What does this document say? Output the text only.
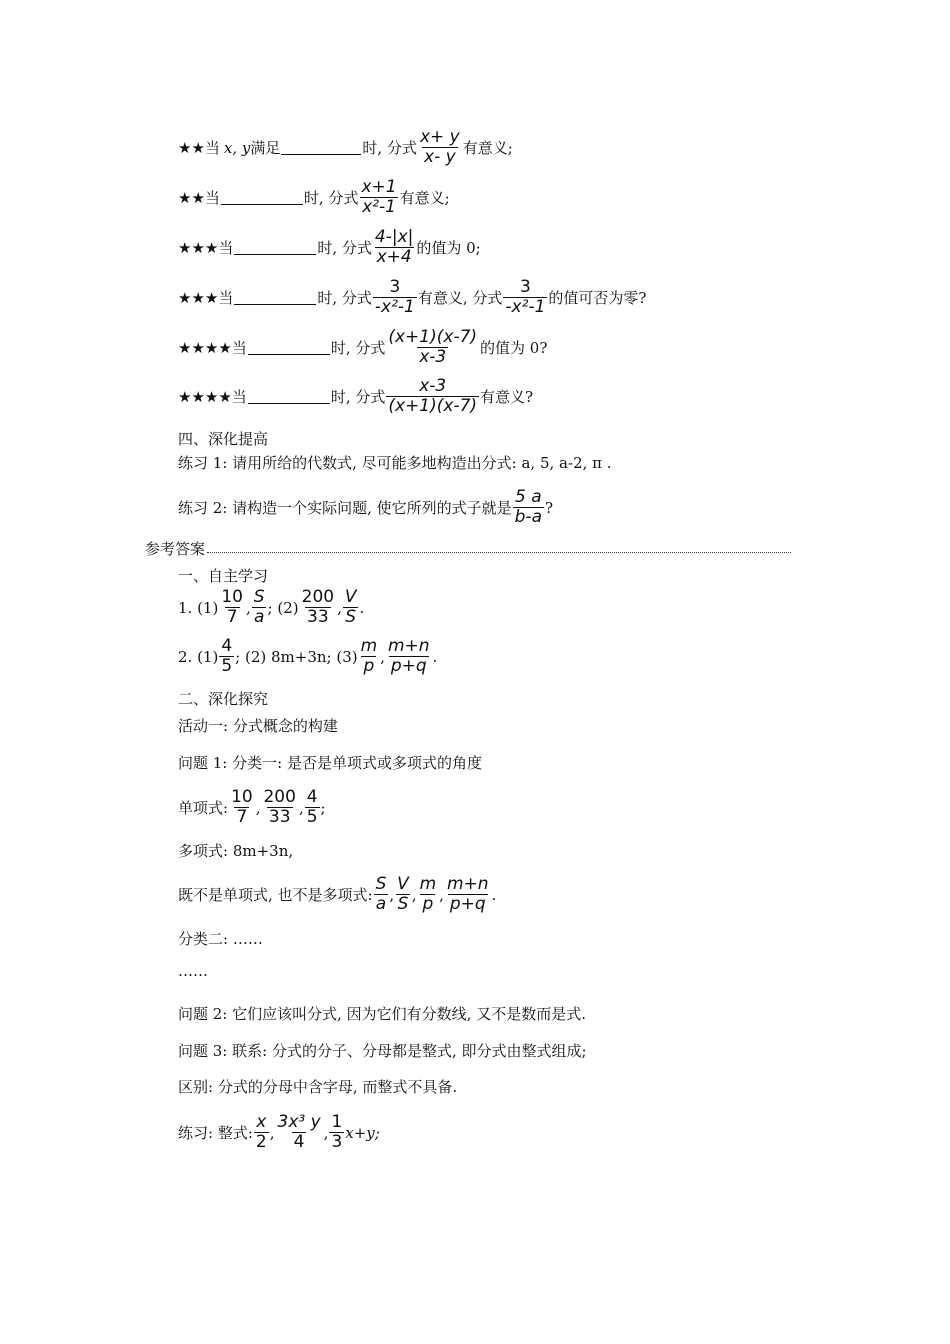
★★ 当 x, y 满足	时, 分式 $\frac{x+ y}{x- y}$ 有意义;
★★ 当	时, 分式 $\frac{x+1}{\text{x²-1}}$ 有意义;
★★★ 当	时, 分式 $\frac{4-|x|}{x+4}$ 的值为 0;
★★★ 当	时, 分式 $\frac{3}{\text{-x²-1}}$ 有意义, 分式 $\frac{3}{\text{-x²-1}}$ 的值可否为零?
★★★★ 当	时, 分式 $\frac{(x+1)(x-7)}{x-3}$ 的值为 0?
★★★★ 当	时, 分式 $\frac{x-3}{(x+1)(x-7)}$ 有意义?
四、深化提高
练习 1: 请用所给的代数式, 尽可能多地构造出分式: a, 5, a-2, π .
练习 2: 请构造一个实际问题, 使它所列的式子就是 $\frac{5 a}{b-a}$ ?
参考答案
一、自主学习
1. $(1) \frac{10}{7}$ , $\frac{S}{a}$ ; $(2) \frac{200}{33}$ , $\frac{V}{S}$ .
2. $(1) \frac{4}{5}$ ; (2) 8m+3n; $(3) \frac{m}{p}$ , $\frac{m+n}{p+q}$ .
二、深化探究
活动一: 分式概念的构建
问题 1: 分类一: 是否是单项式或多项式的角度
单项式: $\frac{10}{7}$ , $\frac{200}{33}$ , $\frac{4}{5}$ ;
多项式: 8m+3n,
既不是单项式, 也不是多项式: $\frac{S}{a}$ , $\frac{V}{S}$ , $\frac{m}{p}$ , $\frac{m+n}{p+q}$ .
分类二: ……
……
问题 2: 它们应该叫分式, 因为它们有分数线, 又不是数而是式.
问题 3: 联系: 分式的分子、分母都是整式, 即分式由整式组成;
区别: 分式的分母中含字母, 而整式不具备.
练习: 整式: $\frac{x}{2}$ , $\frac{\text{3x³ y}}{4}$ , $\frac{1}{3} x+y$;
